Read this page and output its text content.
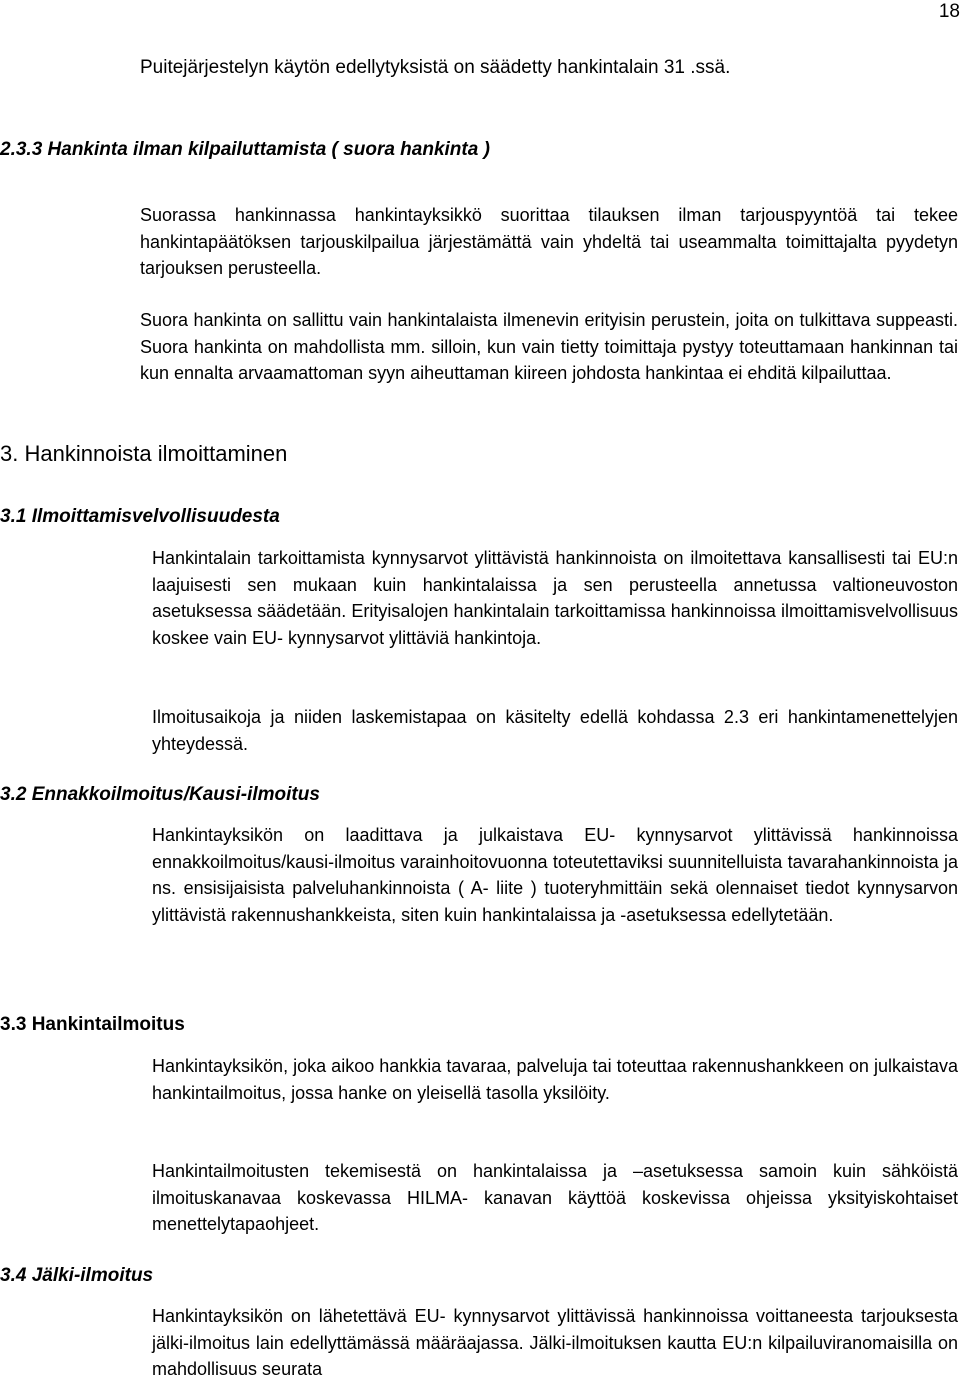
18

Puitejärjestelyn käytön edellytyksistä on säädetty hankintalain 31 .ssä.

2.3.3 Hankinta ilman kilpailuttamista ( suora hankinta )

Suorassa hankinnassa hankintayksikkö suorittaa tilauksen ilman tarjouspyyntöä tai tekee hankintapäätöksen tarjouskilpailua järjestämättä vain yhdeltä tai useammalta toimittajalta pyydetyn tarjouksen perusteella.

Suora hankinta on sallittu vain hankintalaista ilmenevin erityisin perustein, joita on tulkittava suppeasti. Suora hankinta on mahdollista mm. silloin, kun vain tietty toimittaja pystyy toteuttamaan hankinnan tai kun ennalta arvaamattoman syyn aiheuttaman kiireen johdosta hankintaa ei ehditä kilpailuttaa.

3. Hankinnoista ilmoittaminen

3.1 Ilmoittamisvelvollisuudesta

Hankintalain tarkoittamista kynnysarvot ylittävistä hankinnoista on ilmoitettava kansallisesti tai EU:n laajuisesti sen mukaan kuin hankintalaissa ja sen perusteella annetussa valtioneuvoston asetuksessa säädetään. Erityisalojen hankintalain tarkoittamissa hankinnoissa ilmoittamisvelvollisuus koskee vain EU- kynnysarvot ylittäviä hankintoja.

Ilmoitusaikoja ja niiden laskemistapaa on käsitelty edellä kohdassa 2.3 eri hankintamenettelyjen yhteydessä.

3.2 Ennakkoilmoitus/Kausi-ilmoitus

Hankintayksikön on laadittava ja julkaistava EU- kynnysarvot ylittävissä hankinnoissa ennakkoilmoitus/kausi-ilmoitus varainhoitovuonna toteutettaviksi suunnitelluista tavarahankinnoista ja ns. ensisijaisista palveluhankinnoista ( A- liite ) tuoteryhmittäin sekä olennaiset tiedot kynnysarvon ylittävistä rakennushankkeista, siten kuin hankintalaissa ja -asetuksessa edellytetään.

3.3 Hankintailmoitus

Hankintayksikön, joka aikoo hankkia tavaraa, palveluja tai toteuttaa rakennushankkeen on julkaistava hankintailmoitus, jossa hanke on yleisellä tasolla yksilöity.

Hankintailmoitusten tekemisestä on hankintalaissa ja –asetuksessa samoin kuin sähköistä ilmoituskanavaa koskevassa HILMA- kanavan käyttöä koskevissa ohjeissa yksityiskohtaiset menettelytapaohjeet.

3.4 Jälki-ilmoitus

Hankintayksikön on lähetettävä EU- kynnysarvot ylittävissä hankinnoissa voittaneesta tarjouksesta jälki-ilmoitus lain edellyttämässä määräajassa. Jälki-ilmoituksen kautta EU:n kilpailuviranomaisilla on mahdollisuus seurata
